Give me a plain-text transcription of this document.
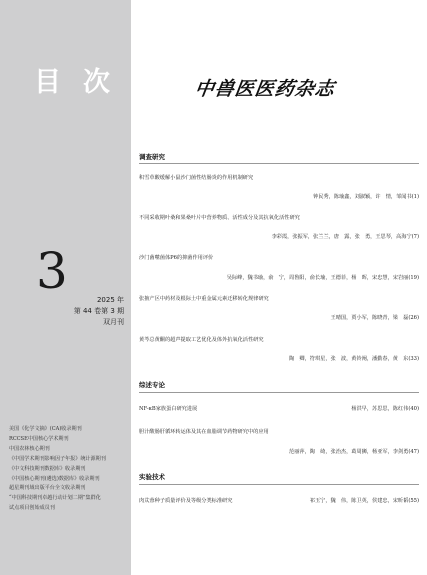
目次
3	2025 年
第 44 卷第 3 期
双月刊
美国《化学文摘》(CA)收录期刊
RCCSE中国核心学术期刊
中国农林核心期刊
《中国学术期刊影响因子年报》统计源期刊
《中文科技期刊数据库》收录期刊
《中国核心期刊(遴选)数据库》收录期刊
超星期刊域出版平台全文收录期刊
“中国科技期刊卓越行动计划二期”集群化
试点项目创始成员刊
中兽医医药杂志
调查研究
积雪草酸缓解小鼠沙门菌性结肠炎的作用机制研究
钟民秀，陈瑜鑫，刘淑颖，许　情，邹闻书(1)
不同采收期叶桑和果桑叶片中营养物质、活性成分及其抗氧化活性研究
李彩霞，张振军，张兰兰，唐　露，张　勇，王思琴，高海宁(7)
沙门菌噬菌体P6的抑菌作用评价
吴际峰，魏书瑜，俞　宁，周鲁阳，俞长瑜，王德菲，杨　晖，宋忠慧，宋岩丽(19)
张掖产区中药材及根际土中重金属元素迁移转化规律研究
王晴国，贾小军，陈晓青，梁　磊(26)
黄芩总黄酮的超声提取工艺优化及体外抗氧化活性研究
陶　卿，符琪星，张　波，黄铃阐，潘勤春，黄　东(33)
综述专论
NF-κB家族蛋白研究进展	杨洪早，苏思思，陈红伟(40)
胆汁酸肠肝循环转运体及其在血脂调节药物研究中的应用
范丽萍，陶　绮，张治杰，葛周狮，杨亚军，李剑勇(47)
实验技术
肉苁蓉种子质量评价及等级分类标准研究	祁玉宁，魏　伟，陈卫英，侯建忠，宋昕韬(55)
